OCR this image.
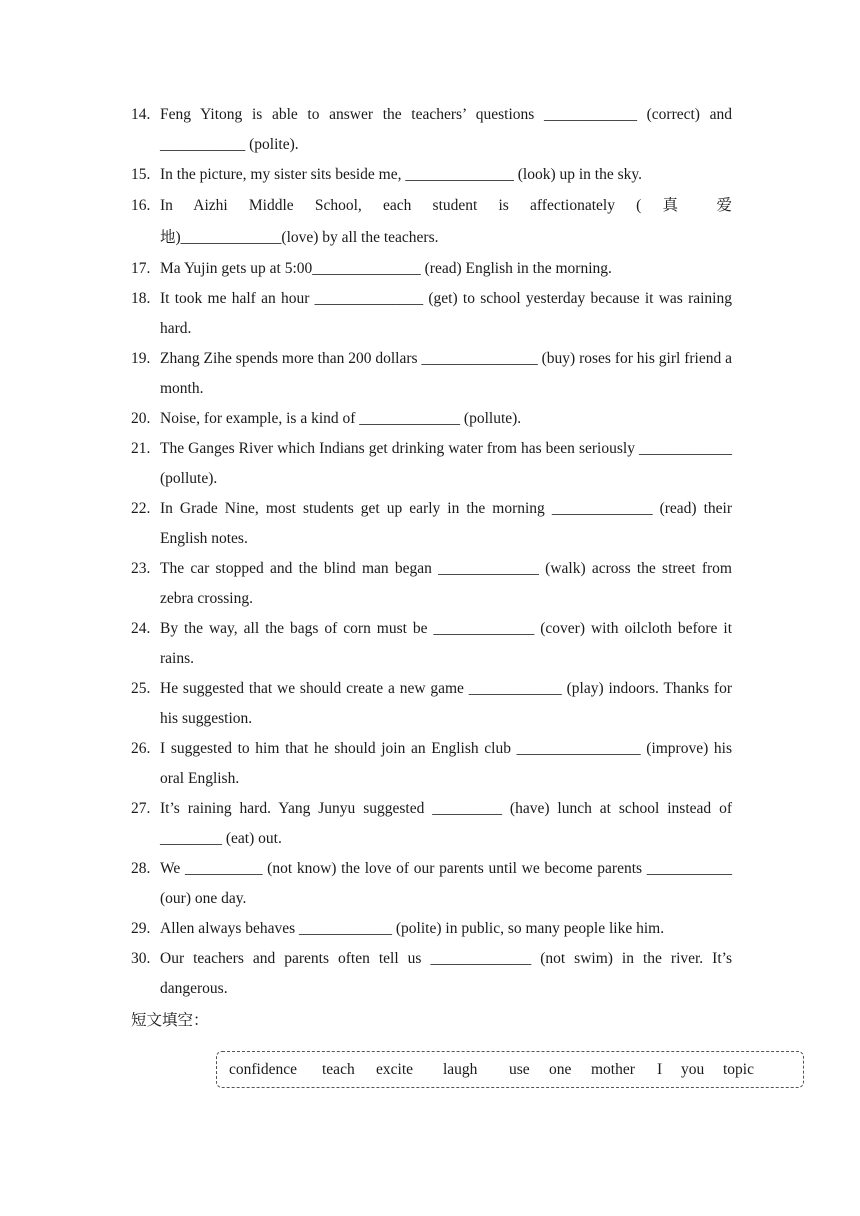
14. Feng Yitong is able to answer the teachers’ questions ____________ (correct) and ___________ (polite).
15. In the picture, my sister sits beside me, ______________ (look) up in the sky.
16. In Aizhi Middle School, each student is affectionately ( 真 爱
地)_____________(love) by all the teachers.
17. Ma Yujin gets up at 5:00______________ (read) English in the morning.
18. It took me half an hour ______________ (get) to school yesterday because it was raining hard.
19. Zhang Zihe spends more than 200 dollars _______________ (buy) roses for his girl friend a month.
20. Noise, for example, is a kind of _____________ (pollute).
21. The Ganges River which Indians get drinking water from has been seriously ____________ (pollute).
22. In Grade Nine, most students get up early in the morning _____________ (read) their English notes.
23. The car stopped and the blind man began _____________ (walk) across the street from zebra crossing.
24. By the way, all the bags of corn must be _____________ (cover) with oilcloth before it rains.
25. He suggested that we should create a new game ____________ (play) indoors. Thanks for his suggestion.
26. I suggested to him that he should join an English club ________________ (improve) his oral English.
27. It’s raining hard. Yang Junyu suggested _________ (have) lunch at school instead of ________ (eat) out.
28. We __________ (not know) the love of our parents until we become parents ___________ (our) one day.
29. Allen always behaves ____________ (polite) in public, so many people like him.
30. Our teachers and parents often tell us _____________ (not swim) in the river. It’s dangerous.
短文填空：
confidence teach excite laugh use one mother I you topic
